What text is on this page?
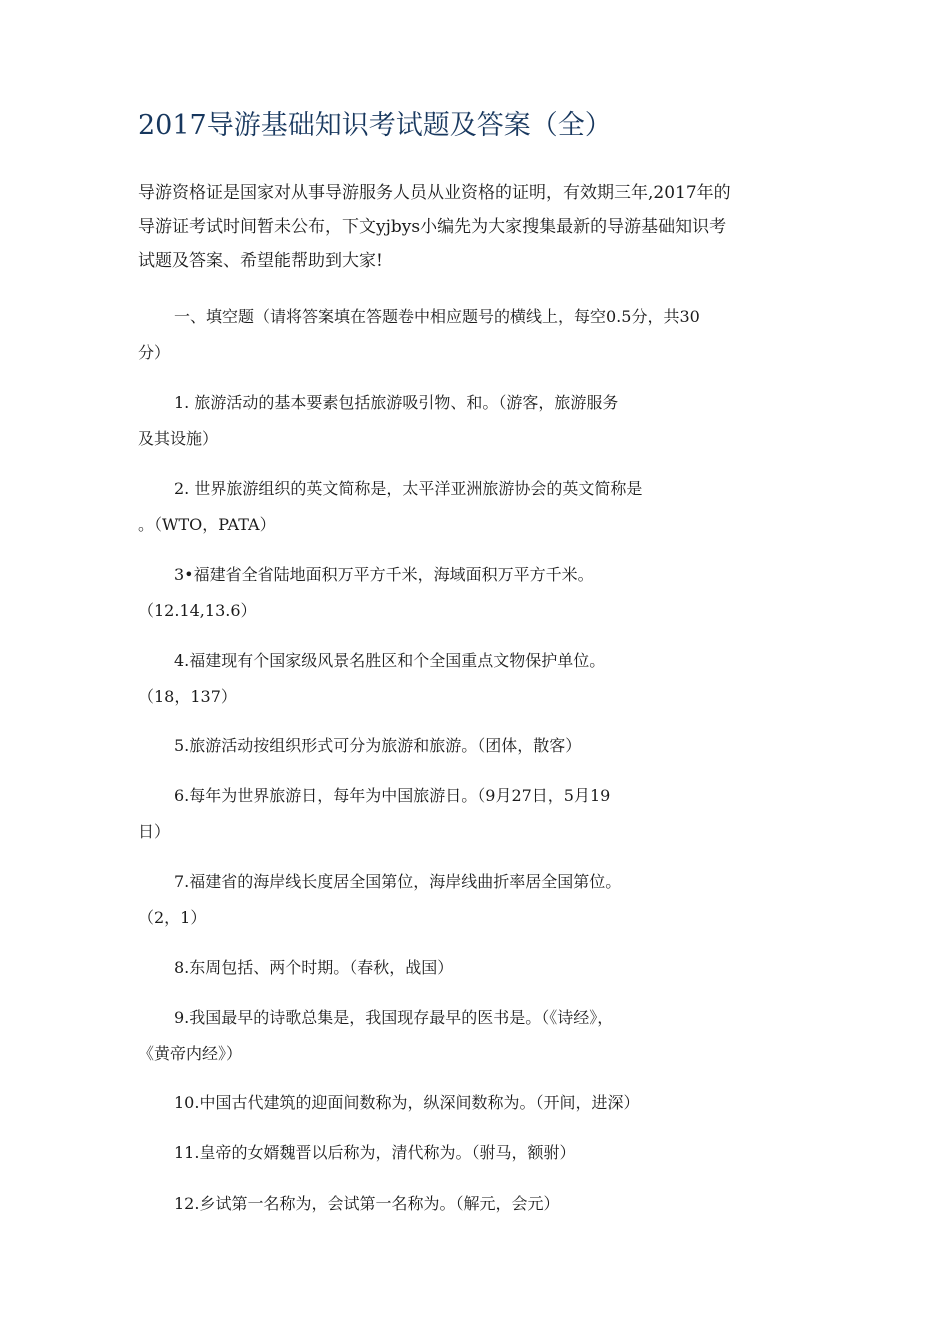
2017导游基础知识考试题及答案（全）

导游资格证是国家对从事导游服务人员从业资格的证明，有效期三年,2017年的
导游证考试时间暂未公布，下文yjbys小编先为大家搜集最新的导游基础知识考
试题及答案、希望能帮助到大家!

一、填空题（请将答案填在答题卷中相应题号的横线上，每空0.5分，共30
分）

1. 旅游活动的基本要素包括旅游吸引物、和。（游客，旅游服务
及其设施）

2. 世界旅游组织的英文简称是，太平洋亚洲旅游协会的英文简称是
。（WTO，PATA）

3•福建省全省陆地面积万平方千米，海域面积万平方千米。
（12.14,13.6）

4.福建现有个国家级风景名胜区和个全国重点文物保护单位。
（18，137）

5.旅游活动按组织形式可分为旅游和旅游。（团体，散客）

6.每年为世界旅游日，每年为中国旅游日。（9月27日，5月19
日）

7.福建省的海岸线长度居全国第位，海岸线曲折率居全国第位。
（2，1）

8.东周包括、两个时期。（春秋，战国）

9.我国最早的诗歌总集是，我国现存最早的医书是。（《诗经》，
《黄帝内经》）

10.中国古代建筑的迎面间数称为，纵深间数称为。（开间，进深）

11.皇帝的女婿魏晋以后称为，清代称为。（驸马，额驸）

12.乡试第一名称为，会试第一名称为。（解元，会元）
